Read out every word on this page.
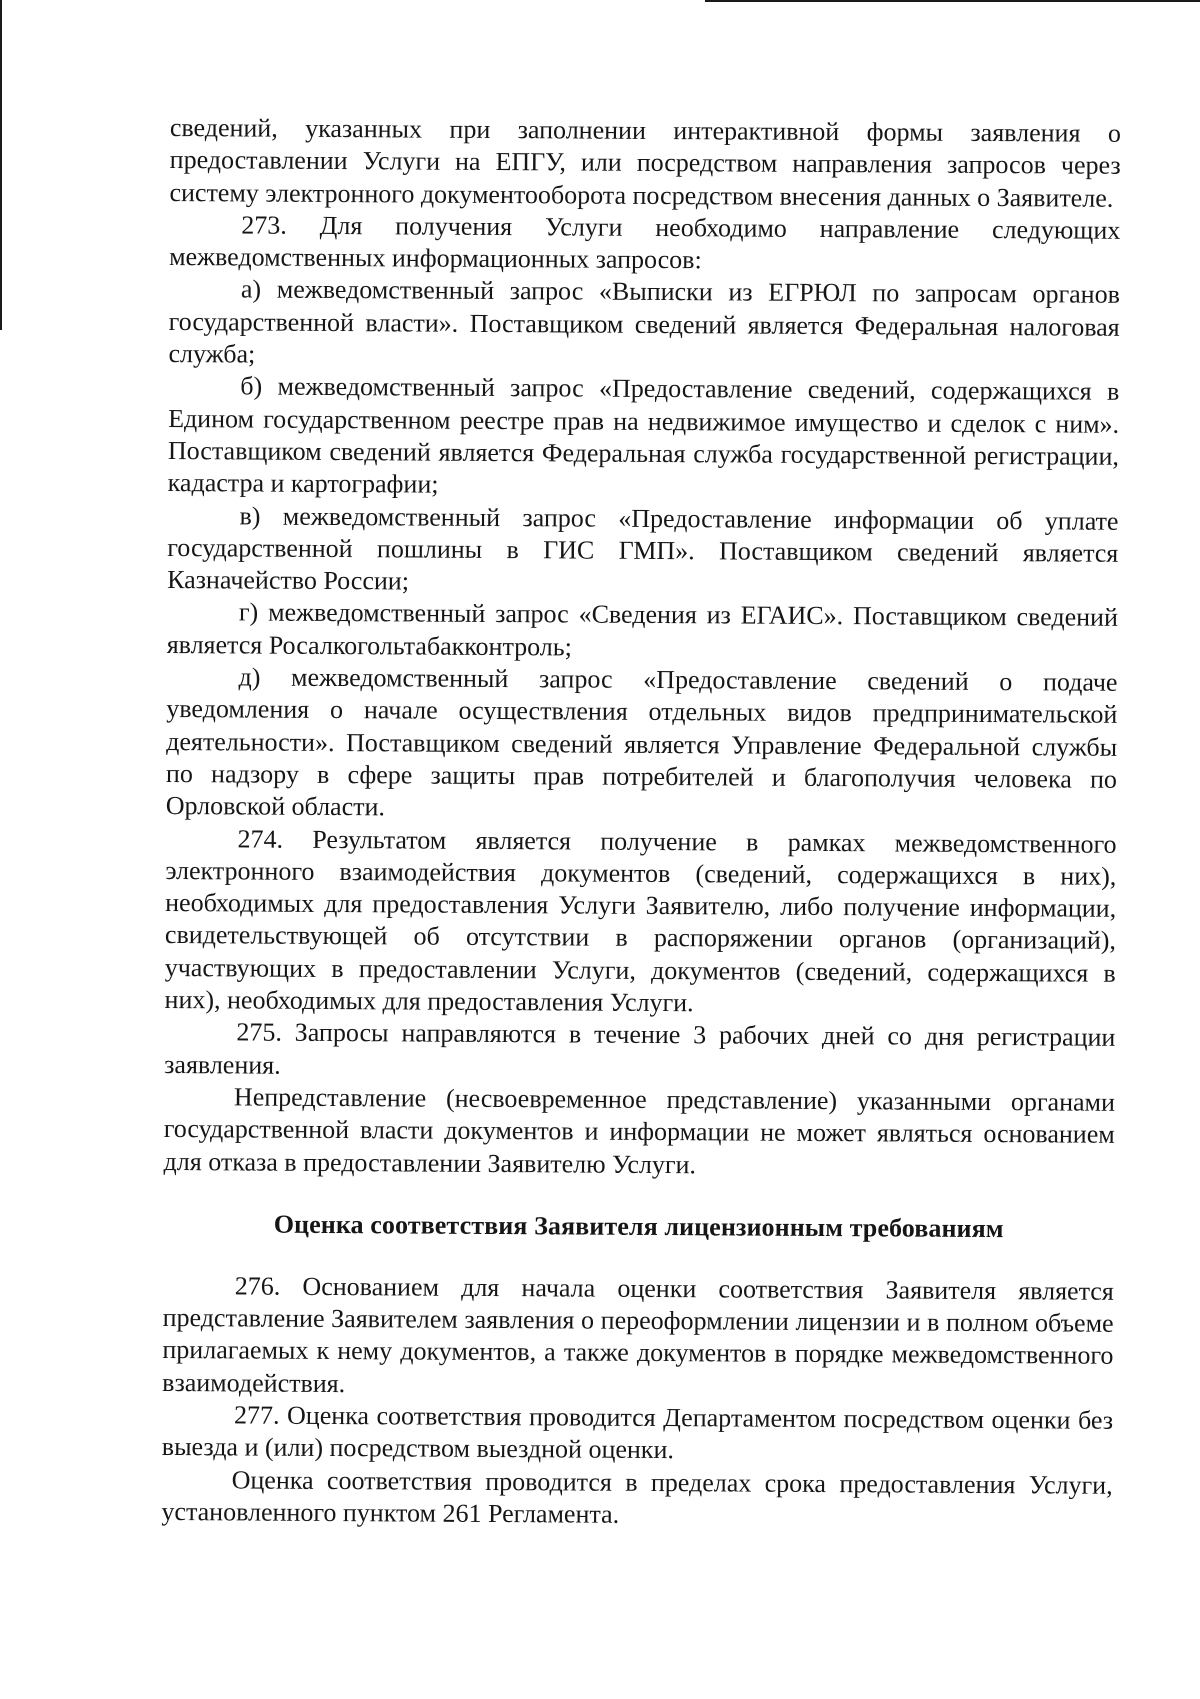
сведений, указанных при заполнении интерактивной формы заявления о предоставлении Услуги на ЕПГУ, или посредством направления запросов через систему электронного документооборота посредством внесения данных о Заявителе.

273. Для получения Услуги необходимо направление следующих межведомственных информационных запросов:

а) межведомственный запрос «Выписки из ЕГРЮЛ по запросам органов государственной власти». Поставщиком сведений является Федеральная налоговая служба;

б) межведомственный запрос «Предоставление сведений, содержащихся в Едином государственном реестре прав на недвижимое имущество и сделок с ним». Поставщиком сведений является Федеральная служба государственной регистрации, кадастра и картографии;

в) межведомственный запрос «Предоставление информации об уплате государственной пошлины в ГИС ГМП». Поставщиком сведений является Казначейство России;

г) межведомственный запрос «Сведения из ЕГАИС». Поставщиком сведений является Росалкогольтабакконтроль;

д) межведомственный запрос «Предоставление сведений о подаче уведомления о начале осуществления отдельных видов предпринимательской деятельности». Поставщиком сведений является Управление Федеральной службы по надзору в сфере защиты прав потребителей и благополучия человека по Орловской области.

274. Результатом является получение в рамках межведомственного электронного взаимодействия документов (сведений, содержащихся в них), необходимых для предоставления Услуги Заявителю, либо получение информации, свидетельствующей об отсутствии в распоряжении органов (организаций), участвующих в предоставлении Услуги, документов (сведений, содержащихся в них), необходимых для предоставления Услуги.

275. Запросы направляются в течение 3 рабочих дней со дня регистрации заявления.

Непредставление (несвоевременное представление) указанными органами государственной власти документов и информации не может являться основанием для отказа в предоставлении Заявителю Услуги.

Оценка соответствия Заявителя лицензионным требованиям

276. Основанием для начала оценки соответствия Заявителя является представление Заявителем заявления о переоформлении лицензии и в полном объеме прилагаемых к нему документов, а также документов в порядке межведомственного взаимодействия.

277. Оценка соответствия проводится Департаментом посредством оценки без выезда и (или) посредством выездной оценки.

Оценка соответствия проводится в пределах срока предоставления Услуги, установленного пунктом 261 Регламента.
